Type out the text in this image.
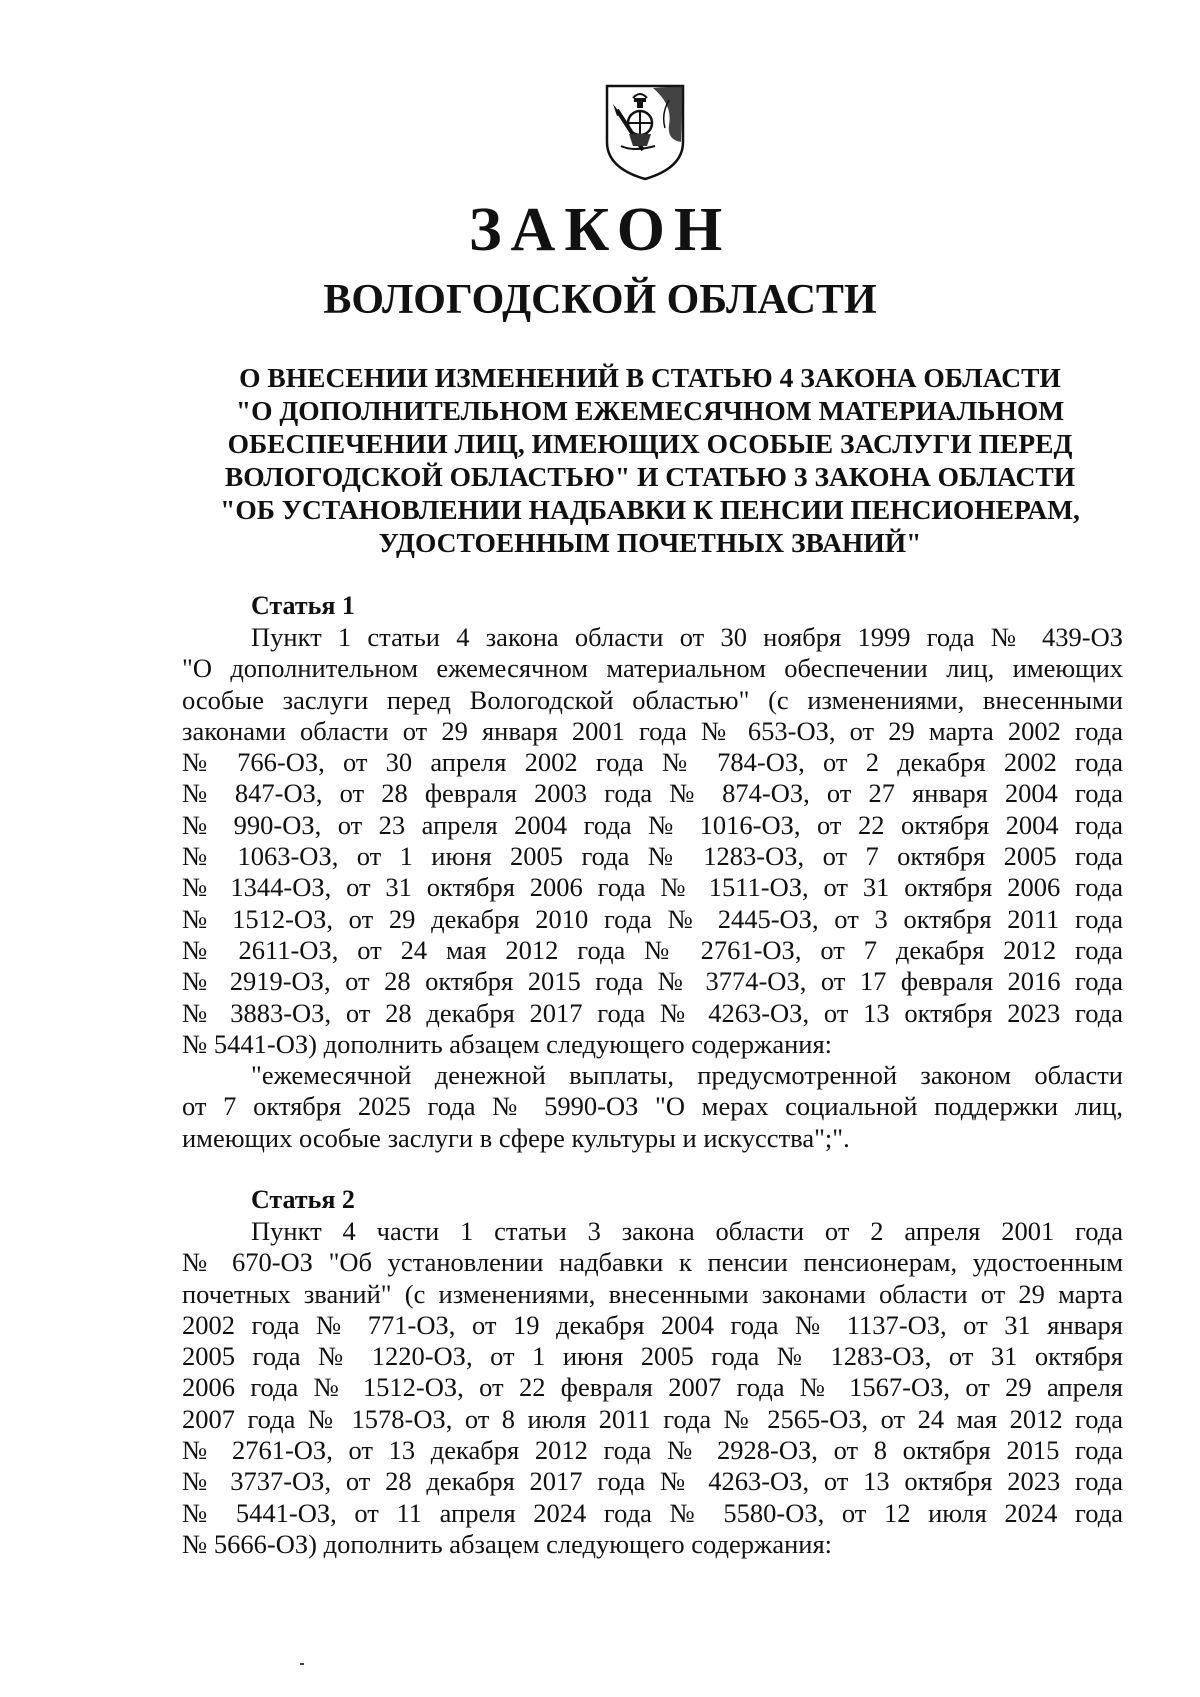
ЗАКОН
ВОЛОГОДСКОЙ ОБЛАСТИ
О ВНЕСЕНИИ ИЗМЕНЕНИЙ В СТАТЬЮ 4 ЗАКОНА ОБЛАСТИ
"О ДОПОЛНИТЕЛЬНОМ ЕЖЕМЕСЯЧНОМ МАТЕРИАЛЬНОМ
ОБЕСПЕЧЕНИИ ЛИЦ, ИМЕЮЩИХ ОСОБЫЕ ЗАСЛУГИ ПЕРЕД
ВОЛОГОДСКОЙ ОБЛАСТЬЮ" И СТАТЬЮ 3 ЗАКОНА ОБЛАСТИ
"ОБ УСТАНОВЛЕНИИ НАДБАВКИ К ПЕНСИИ ПЕНСИОНЕРАМ,
УДОСТОЕННЫМ ПОЧЕТНЫХ ЗВАНИЙ"
Статья 1
Пункт 1 статьи 4 закона области от 30 ноября 1999 года № 439-ОЗ
"О дополнительном ежемесячном материальном обеспечении лиц, имеющих
особые заслуги перед Вологодской областью" (с изменениями, внесенными
законами области от 29 января 2001 года № 653-ОЗ, от 29 марта 2002 года
№ 766-ОЗ, от 30 апреля 2002 года № 784-ОЗ, от 2 декабря 2002 года
№ 847-ОЗ, от 28 февраля 2003 года № 874-ОЗ, от 27 января 2004 года
№ 990-ОЗ, от 23 апреля 2004 года № 1016-ОЗ, от 22 октября 2004 года
№ 1063-ОЗ, от 1 июня 2005 года № 1283-ОЗ, от 7 октября 2005 года
№ 1344-ОЗ, от 31 октября 2006 года № 1511-ОЗ, от 31 октября 2006 года
№ 1512-ОЗ, от 29 декабря 2010 года № 2445-ОЗ, от 3 октября 2011 года
№ 2611-ОЗ, от 24 мая 2012 года № 2761-ОЗ, от 7 декабря 2012 года
№ 2919-ОЗ, от 28 октября 2015 года № 3774-ОЗ, от 17 февраля 2016 года
№ 3883-ОЗ, от 28 декабря 2017 года № 4263-ОЗ, от 13 октября 2023 года
№ 5441-ОЗ) дополнить абзацем следующего содержания:
"ежемесячной денежной выплаты, предусмотренной законом области
от 7 октября 2025 года № 5990-ОЗ "О мерах социальной поддержки лиц,
имеющих особые заслуги в сфере культуры и искусства";".
Статья 2
Пункт 4 части 1 статьи 3 закона области от 2 апреля 2001 года
№ 670-ОЗ "Об установлении надбавки к пенсии пенсионерам, удостоенным
почетных званий" (с изменениями, внесенными законами области от 29 марта
2002 года № 771-ОЗ, от 19 декабря 2004 года № 1137-ОЗ, от 31 января
2005 года № 1220-ОЗ, от 1 июня 2005 года № 1283-ОЗ, от 31 октября
2006 года № 1512-ОЗ, от 22 февраля 2007 года № 1567-ОЗ, от 29 апреля
2007 года № 1578-ОЗ, от 8 июля 2011 года № 2565-ОЗ, от 24 мая 2012 года
№ 2761-ОЗ, от 13 декабря 2012 года № 2928-ОЗ, от 8 октября 2015 года
№ 3737-ОЗ, от 28 декабря 2017 года № 4263-ОЗ, от 13 октября 2023 года
№ 5441-ОЗ, от 11 апреля 2024 года № 5580-ОЗ, от 12 июля 2024 года
№ 5666-ОЗ) дополнить абзацем следующего содержания:
